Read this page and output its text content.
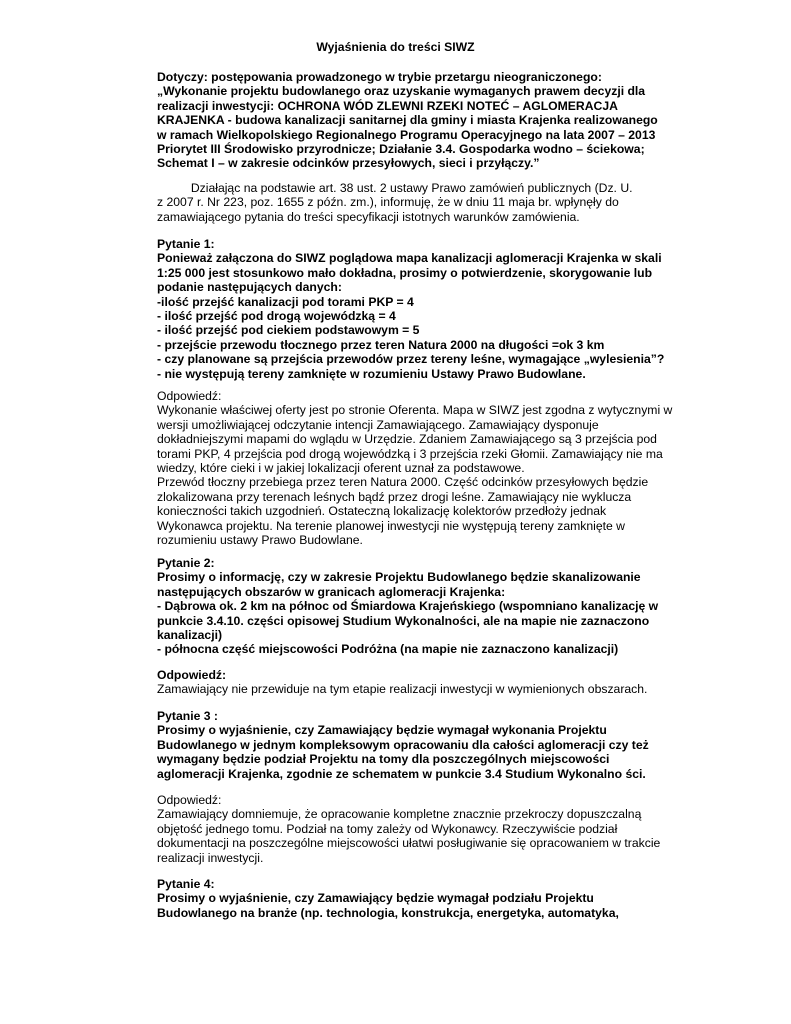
Wyjaśnienia do treści SIWZ
Dotyczy: postępowania prowadzonego w trybie przetargu nieograniczonego:
„Wykonanie projektu budowlanego oraz uzyskanie wymaganych prawem decyzji dla
realizacji inwestycji: OCHRONA WÓD ZLEWNI RZEKI NOTEĆ – AGLOMERACJA
KRAJENKA - budowa kanalizacji sanitarnej dla gminy i miasta Krajenka realizowanego
w ramach Wielkopolskiego Regionalnego Programu Operacyjnego na lata 2007 – 2013
Priorytet III Środowisko przyrodnicze; Działanie 3.4. Gospodarka wodno – ściekowa;
Schemat I – w zakresie odcinków przesyłowych, sieci i przyłączy.”
Działając na podstawie art. 38 ust. 2 ustawy Prawo zamówień publicznych (Dz. U.
z 2007 r. Nr 223, poz. 1655 z późn. zm.), informuję, że w dniu 11 maja br. wpłynęły do
zamawiającego pytania do treści specyfikacji istotnych warunków zamówienia.
Pytanie 1:
Ponieważ załączona do SIWZ poglądowa mapa kanalizacji aglomeracji Krajenka w skali
1:25 000 jest stosunkowo mało dokładna, prosimy o potwierdzenie, skorygowanie lub
podanie następujących danych:
-ilość przejść kanalizacji pod torami PKP = 4
- ilość przejść pod drogą wojewódzką = 4
- ilość przejść pod ciekiem podstawowym = 5
- przejście przewodu tłocznego przez teren Natura 2000 na długości =ok 3 km
- czy planowane są przejścia przewodów przez tereny leśne, wymagające „wylesienia”?
- nie występują tereny zamknięte w rozumieniu Ustawy Prawo Budowlane.
Odpowiedź:
Wykonanie właściwej oferty jest po stronie Oferenta. Mapa w SIWZ jest zgodna z wytycznymi w
wersji umożliwiającej odczytanie intencji Zamawiającego. Zamawiający dysponuje
dokładniejszymi mapami do wglądu w Urzędzie. Zdaniem Zamawiającego są 3 przejścia pod
torami PKP, 4 przejścia pod drogą wojewódzką i 3 przejścia rzeki Głomii. Zamawiający nie ma
wiedzy, które cieki i w jakiej lokalizacji oferent uznał za podstawowe.
Przewód tłoczny przebiega przez teren Natura 2000. Część odcinków przesyłowych będzie
zlokalizowana przy terenach leśnych bądź przez drogi leśne. Zamawiający nie wyklucza
konieczności takich uzgodnień. Ostateczną lokalizację kolektorów przedłoży jednak
Wykonawca projektu. Na terenie planowej inwestycji nie występują tereny zamknięte w
rozumieniu ustawy Prawo Budowlane.
Pytanie 2:
Prosimy o informację, czy w zakresie Projektu Budowlanego będzie skanalizowanie
następujących obszarów w granicach aglomeracji Krajenka:
- Dąbrowa ok. 2 km na północ od Śmiardowa Krajeńskiego (wspomniano kanalizację w
punkcie 3.4.10. części opisowej Studium Wykonalności, ale na mapie nie zaznaczono
kanalizacji)
- północna część miejscowości Podróżna (na mapie nie zaznaczono kanalizacji)
Odpowiedź:
Zamawiający nie przewiduje na tym etapie realizacji inwestycji w wymienionych obszarach.
Pytanie 3 :
Prosimy o wyjaśnienie, czy Zamawiający będzie wymagał wykonania Projektu
Budowlanego w jednym kompleksowym opracowaniu dla całości aglomeracji czy też
wymagany będzie podział Projektu na tomy dla poszczególnych miejscowości
aglomeracji Krajenka, zgodnie ze schematem w punkcie 3.4 Studium Wykonalno ści.
Odpowiedź:
Zamawiający domniemuje, że opracowanie kompletne znacznie przekroczy dopuszczalną
objętość jednego tomu. Podział na tomy zależy od Wykonawcy. Rzeczywiście podział
dokumentacji na poszczególne miejscowości ułatwi posługiwanie się opracowaniem w trakcie
realizacji inwestycji.
Pytanie 4:
Prosimy o wyjaśnienie, czy Zamawiający będzie wymagał podziału Projektu
Budowlanego na branże (np. technologia, konstrukcja, energetyka, automatyka,
